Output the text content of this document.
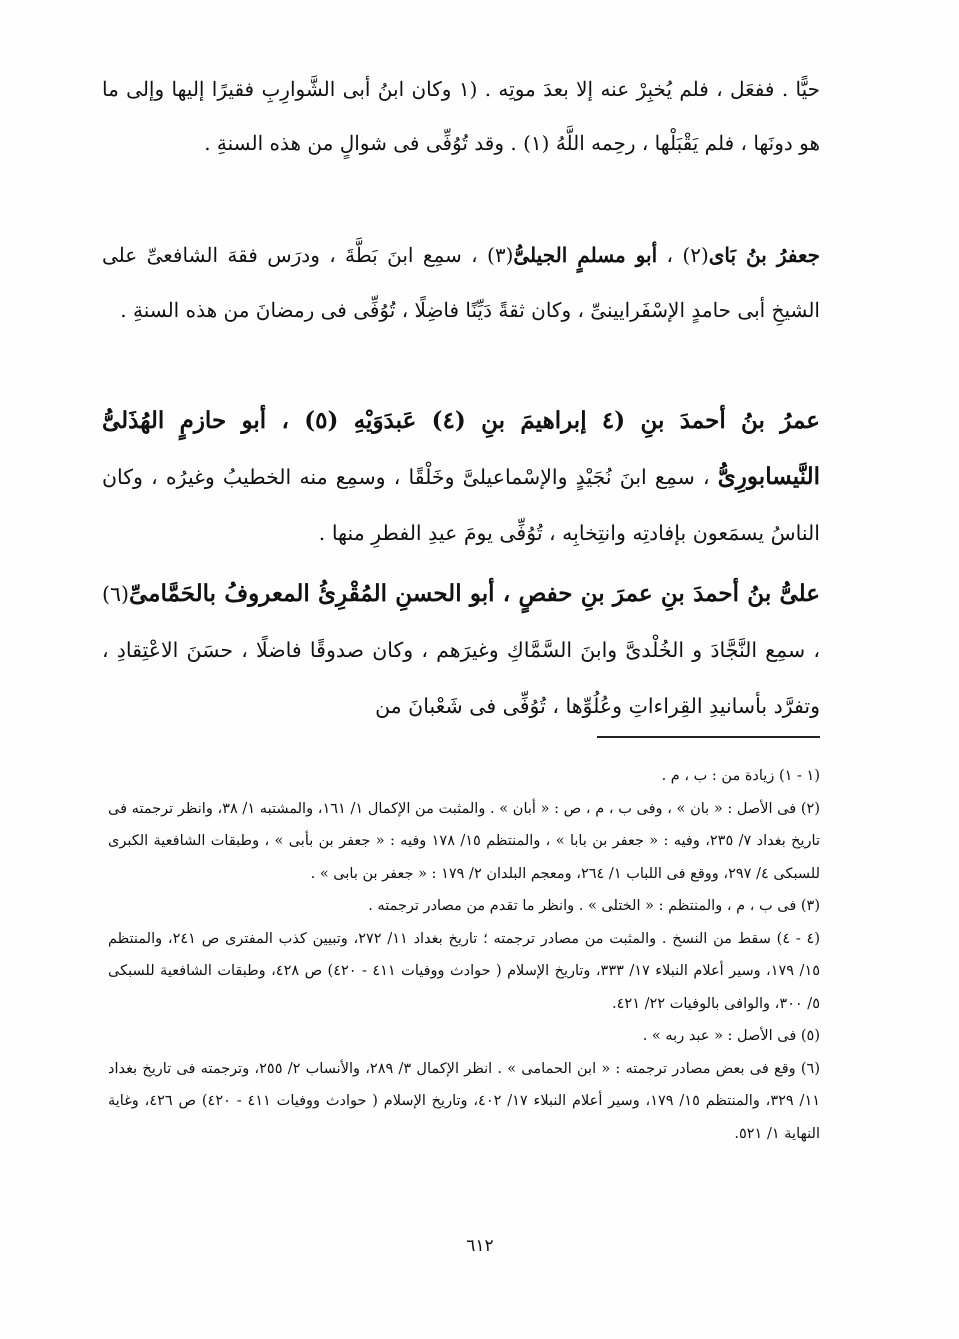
حيًّا . ففعَل ، فلم يُخبِرْ عنه إلا بعدَ موتِه . (١ وكان ابنُ أبى الشَّوارِبِ فقيرًا إليها وإلى ما هو دونَها ، فلم يَقْبَلْها ، رحِمه اللَّهُ (١) . وقد تُوُفِّى فى شوالٍ من هذه السنةِ .

جعفرُ بنُ بَاى(٢) ، أبو مسلمٍ الجيلىُّ(٣) ، سمِع ابنَ بَطَّةَ ، ودرَس فقهَ الشافعىِّ على الشيخِ أبى حامدٍ الإسْفَرايينىِّ ، وكان ثقةً دَيِّنًا فاضِلًا ، تُوُفِّى فى رمضانَ من هذه السنةِ .

عمرُ بنُ أحمدَ بنِ (٤ إبراهيمَ بنِ (٤) عَبدَوَيْهِ (٥) ، أبو حازمٍ الهُذَلىُّ النَّيسابورِىُّ ، سمِع ابنَ نُجَيْدٍ والإسْماعيلىَّ وخَلْقًا ، وسمِع منه الخطيبُ وغيرُه ، وكان الناسُ يسمَعون بإفادتِه وانتِخابِه ، تُوُفِّى يومَ عيدِ الفطرِ منها .

علىُّ بنُ أحمدَ بنِ عمرَ بنِ حفصٍ ، أبو الحسنِ المُقْرِئُ المعروفُ بالحَمَّامىِّ(٦) ، سمِع النَّجَّادَ و الخُلْدىَّ وابنَ السَّمَّاكِ وغيرَهم ، وكان صدوقًا فاضلًا ، حسَنَ الاعْتِقادِ ، وتفرَّد بأسانيدِ القِراءاتِ وعُلُوِّها ، تُوُفِّى فى شَعْبانَ من

(١ - ١) زيادة من : ب ، م .

(٢) فى الأصل : « بان » ، وفى ب ، م ، ص : « أبان » . والمثبت من الإكمال ١/ ١٦١، والمشتبه ١/ ٣٨، وانظر ترجمته فى تاريخ بغداد ٧/ ٢٣٥، وفيه : « جعفر بن بابا » ، والمنتظم ١٥/ ١٧٨ وفيه : « جعفر بن بأبى » ، وطبقات الشافعية الكبرى للسبكى ٤/ ٢٩٧، ووقع فى اللباب ١/ ٢٦٤، ومعجم البلدان ٢/ ١٧٩ : « جعفر بن بابى » .

(٣) فى ب ، م ، والمنتظم : « الختلى » . وانظر ما تقدم من مصادر ترجمته .

(٤ - ٤) سقط من النسخ . والمثبت من مصادر ترجمته ؛ تاريخ بغداد ١١/ ٢٧٢، وتبيين كذب المفترى ص ٢٤١، والمنتظم ١٥/ ١٧٩، وسير أعلام النبلاء ١٧/ ٣٣٣، وتاريخ الإسلام ( حوادث ووفيات ٤١١ - ٤٢٠) ص ٤٢٨، وطبقات الشافعية للسبكى ٥/ ٣٠٠، والوافى بالوفيات ٢٢/ ٤٢١.

(٥) فى الأصل : « عبد ربه » .

(٦) وقع فى بعض مصادر ترجمته : « ابن الحمامى » . انظر الإكمال ٣/ ٢٨٩، والأنساب ٢/ ٢٥٥، وترجمته فى تاريخ بغداد ١١/ ٣٢٩، والمنتظم ١٥/ ١٧٩، وسير أعلام النبلاء ١٧/ ٤٠٢، وتاريخ الإسلام ( حوادث ووفيات ٤١١ - ٤٢٠) ص ٤٢٦، وغاية النهاية ١/ ٥٢١.

٦١٢
